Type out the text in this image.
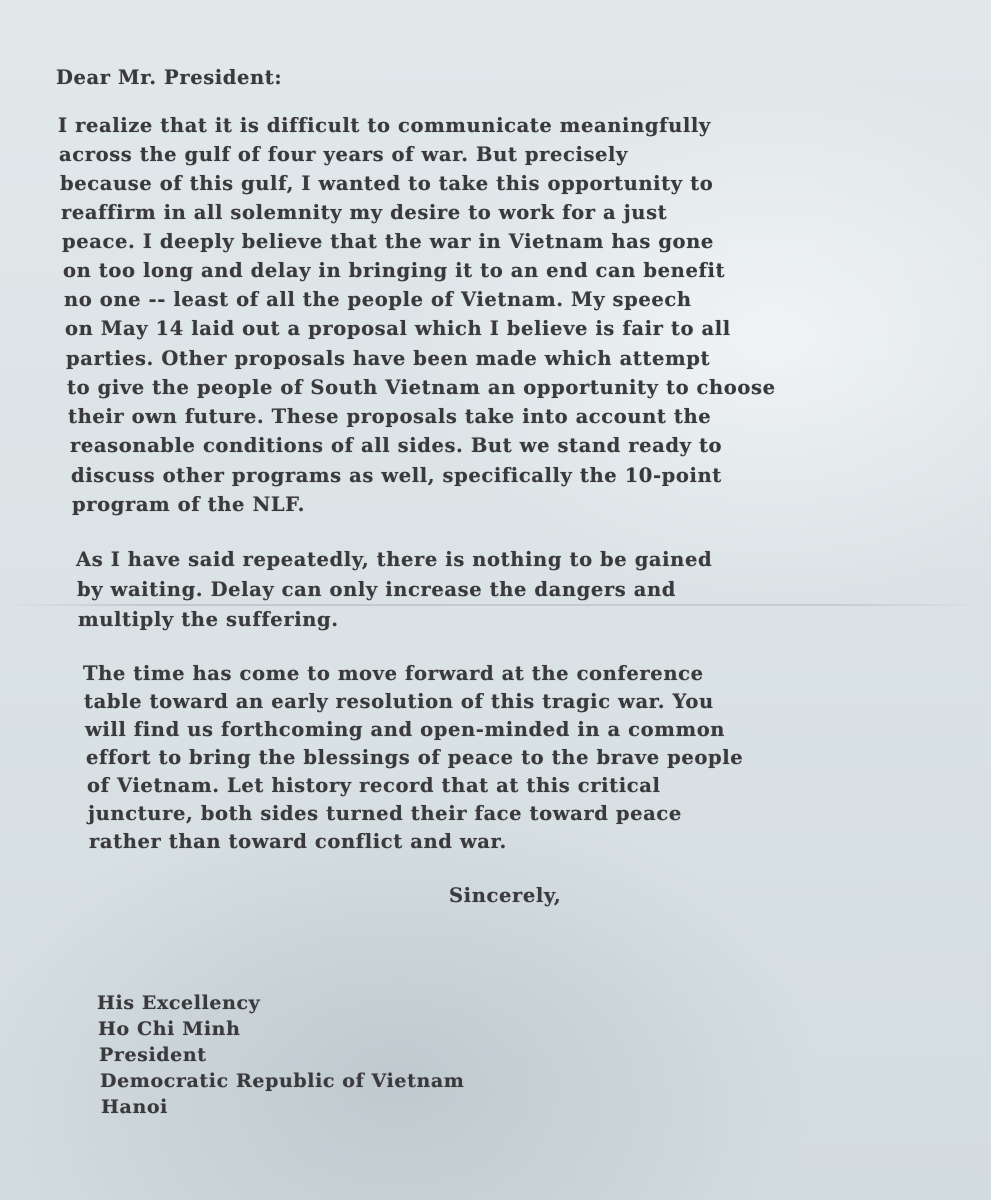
Dear Mr. President:
I realize that it is difficult to communicate meaningfully
across the gulf of four years of war. But precisely
because of this gulf, I wanted to take this opportunity to
reaffirm in all solemnity my desire to work for a just
peace. I deeply believe that the war in Vietnam has gone
on too long and delay in bringing it to an end can benefit
no one -- least of all the people of Vietnam. My speech
on May 14 laid out a proposal which I believe is fair to all
parties. Other proposals have been made which attempt
to give the people of South Vietnam an opportunity to choose
their own future. These proposals take into account the
reasonable conditions of all sides. But we stand ready to
discuss other programs as well, specifically the 10-point
program of the NLF.
As I have said repeatedly, there is nothing to be gained
by waiting. Delay can only increase the dangers and
multiply the suffering.
The time has come to move forward at the conference
table toward an early resolution of this tragic war. You
will find us forthcoming and open-minded in a common
effort to bring the blessings of peace to the brave people
of Vietnam. Let history record that at this critical
juncture, both sides turned their face toward peace
rather than toward conflict and war.
Sincerely,
His Excellency
Ho Chi Minh
President
Democratic Republic of Vietnam
Hanoi
